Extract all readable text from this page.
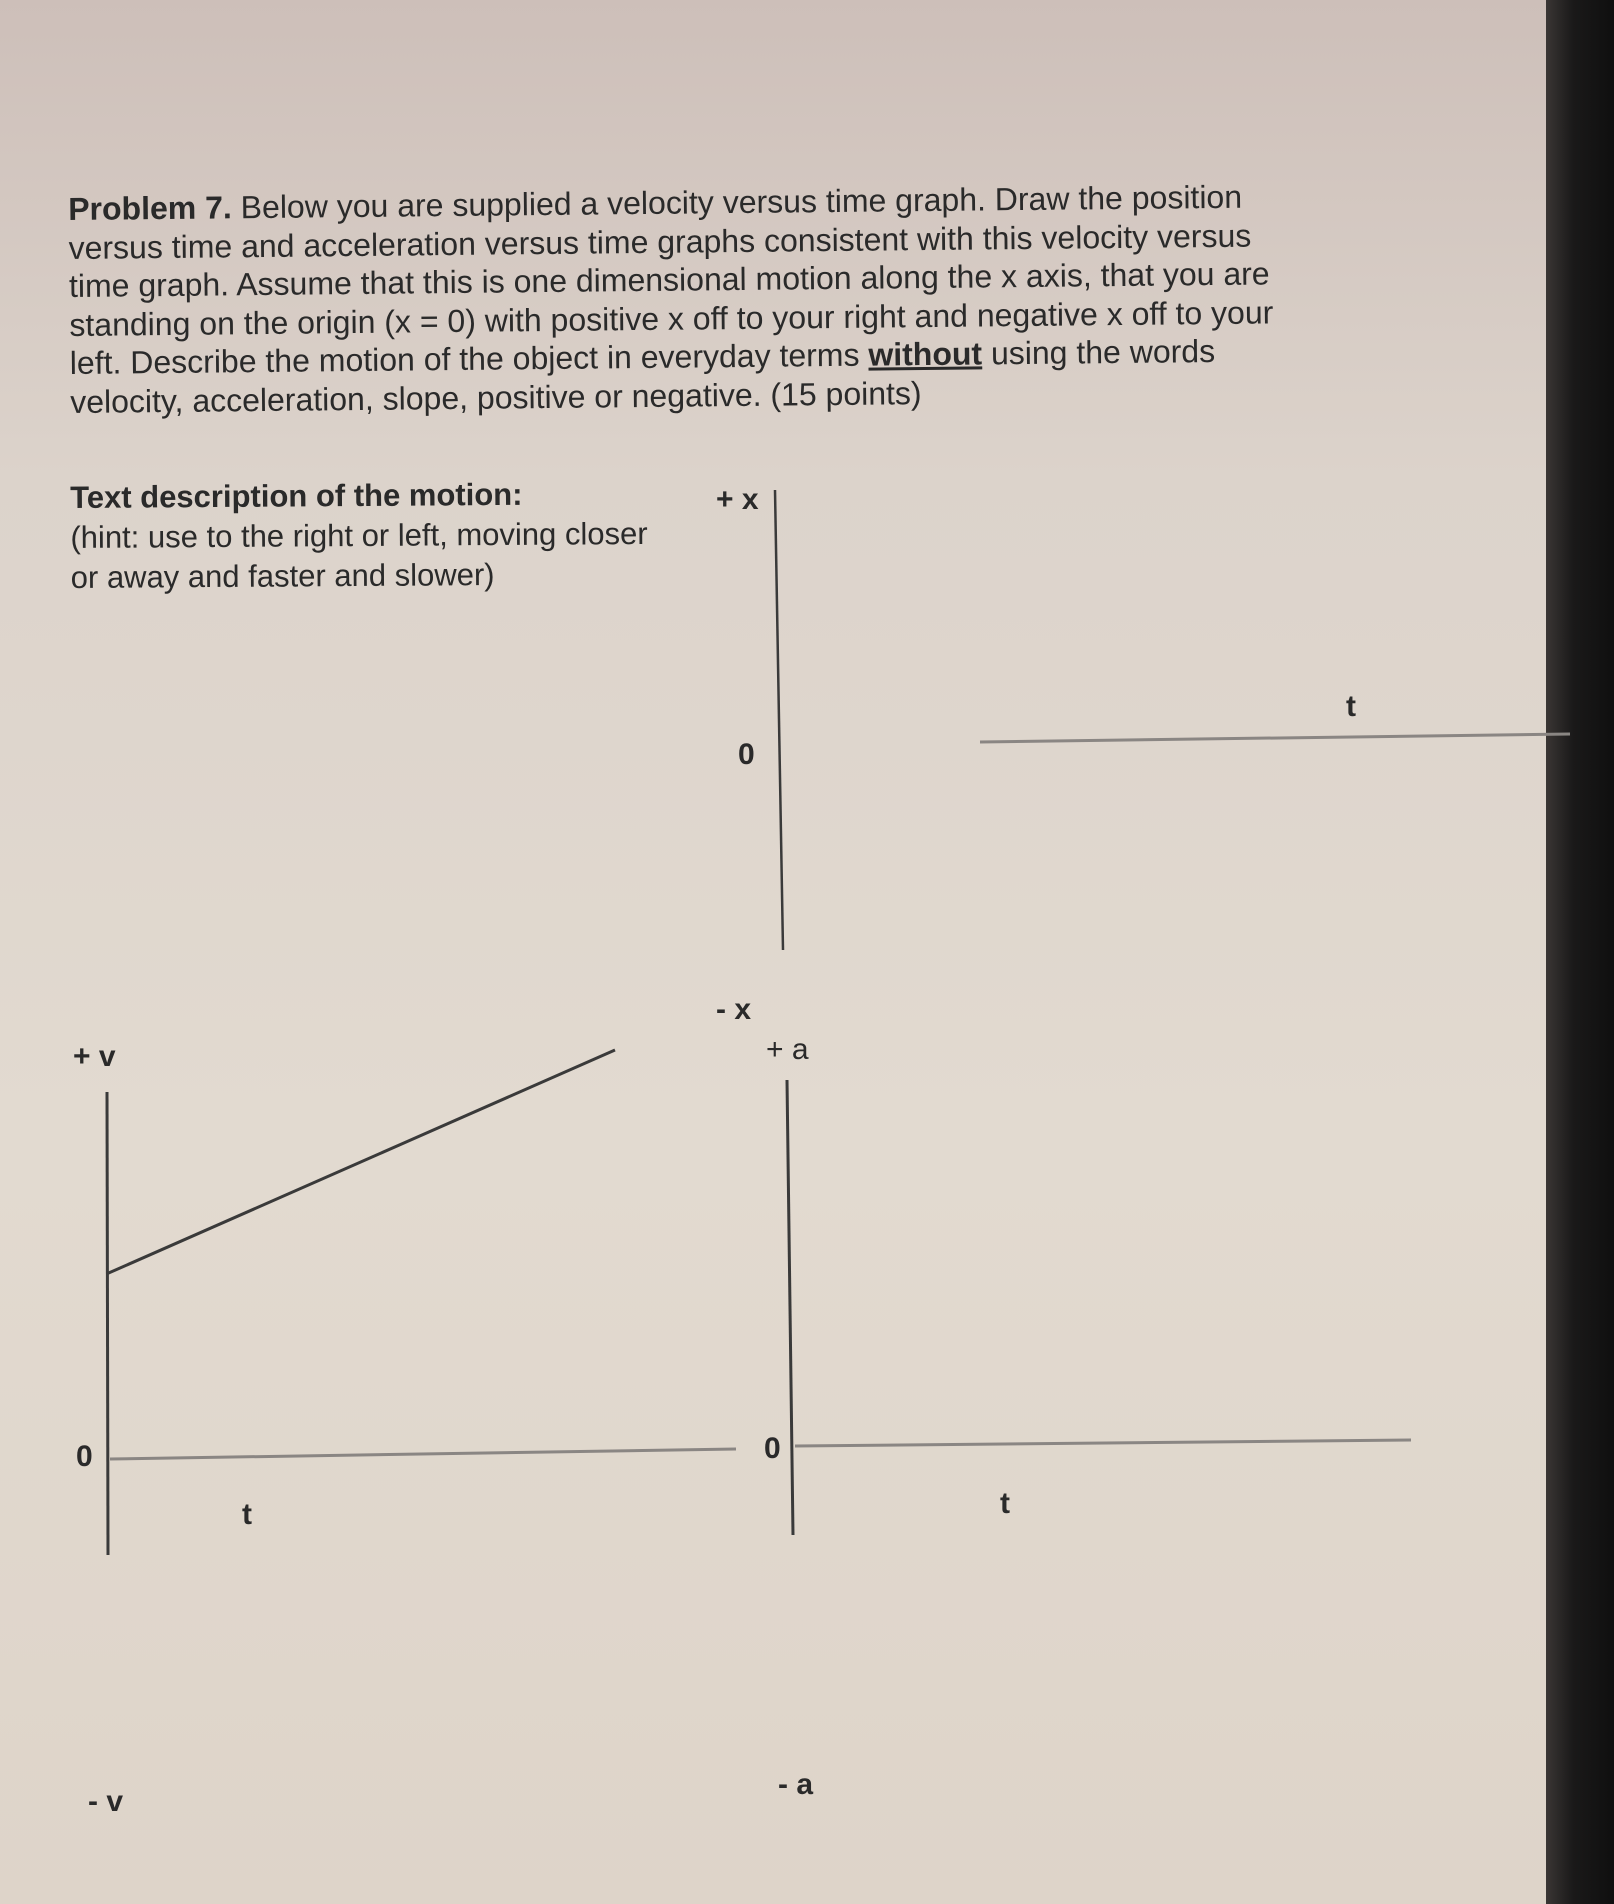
Problem 7. Below you are supplied a velocity versus time graph. Draw the position
versus time and acceleration versus time graphs consistent with this velocity versus
time graph. Assume that this is one dimensional motion along the x axis, that you are
standing on the origin (x = 0) with positive x off to your right and negative x off to your
left. Describe the motion of the object in everyday terms without using the words
velocity, acceleration, slope, positive or negative. (15 points)
Text description of the motion:
(hint: use to the right or left, moving closer
or away and faster and slower)
+ x
0
- x
t
+ v
0
- v
t
+ a
0
- a
t
